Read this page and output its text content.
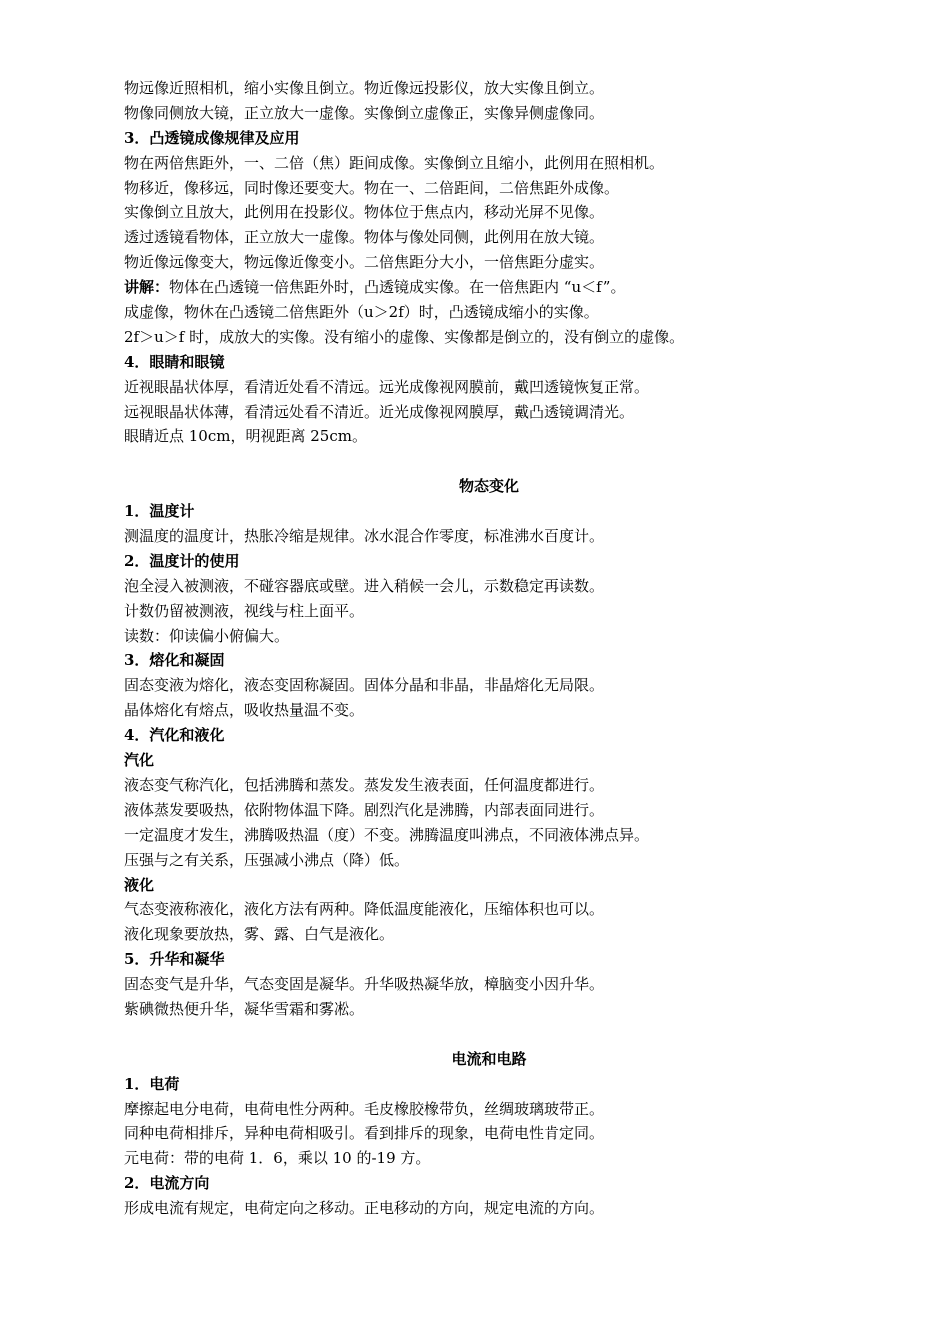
物远像近照相机，缩小实像且倒立。物近像远投影仪，放大实像且倒立。
物像同侧放大镜，正立放大一虚像。实像倒立虚像正，实像异侧虚像同。
3．凸透镜成像规律及应用
物在两倍焦距外，一、二倍（焦）距间成像。实像倒立且缩小，此例用在照相机。
物移近，像移远，同时像还要变大。物在一、二倍距间，二倍焦距外成像。
实像倒立且放大，此例用在投影仪。物体位于焦点内，移动光屏不见像。
透过透镜看物体，正立放大一虚像。物体与像处同侧，此例用在放大镜。
物近像远像变大，物远像近像变小。二倍焦距分大小，一倍焦距分虚实。
讲解：物体在凸透镜一倍焦距外时，凸透镜成实像。在一倍焦距内 “u＜f”。
成虚像，物休在凸透镜二倍焦距外（u＞2f）时，凸透镜成缩小的实像。
2f＞u＞f 时，成放大的实像。没有缩小的虚像、实像都是倒立的，没有倒立的虚像。
4．眼睛和眼镜
近视眼晶状体厚，看清近处看不清远。远光成像视网膜前，戴凹透镜恢复正常。
远视眼晶状体薄，看清远处看不清近。近光成像视网膜厚，戴凸透镜调清光。
眼睛近点 10cm，明视距离 25cm。
物态变化
1．温度计
测温度的温度计，热胀冷缩是规律。冰水混合作零度，标准沸水百度计。
2．温度计的使用
泡全浸入被测液，不碰容器底或壁。进入稍候一会儿，示数稳定再读数。
计数仍留被测液，视线与柱上面平。
读数：仰读偏小俯偏大。
3．熔化和凝固
固态变液为熔化，液态变固称凝固。固体分晶和非晶，非晶熔化无局限。
晶体熔化有熔点，吸收热量温不变。
4．汽化和液化
汽化
液态变气称汽化，包括沸腾和蒸发。蒸发发生液表面，任何温度都进行。
液体蒸发要吸热，依附物体温下降。剧烈汽化是沸腾，内部表面同进行。
一定温度才发生，沸腾吸热温（度）不变。沸腾温度叫沸点，不同液体沸点异。
压强与之有关系，压强减小沸点（降）低。
液化
气态变液称液化，液化方法有两种。降低温度能液化，压缩体积也可以。
液化现象要放热，雾、露、白气是液化。
5．升华和凝华
固态变气是升华，气态变固是凝华。升华吸热凝华放，樟脑变小因升华。
紫碘微热便升华，凝华雪霜和雾凇。
电流和电路
1．电荷
摩擦起电分电荷，电荷电性分两种。毛皮橡胶橡带负，丝绸玻璃玻带正。
同种电荷相排斥，异种电荷相吸引。看到排斥的现象，电荷电性肯定同。
元电荷：带的电荷 1．6，乘以 10 的-19 方。
2．电流方向
形成电流有规定，电荷定向之移动。正电移动的方向，规定电流的方向。
